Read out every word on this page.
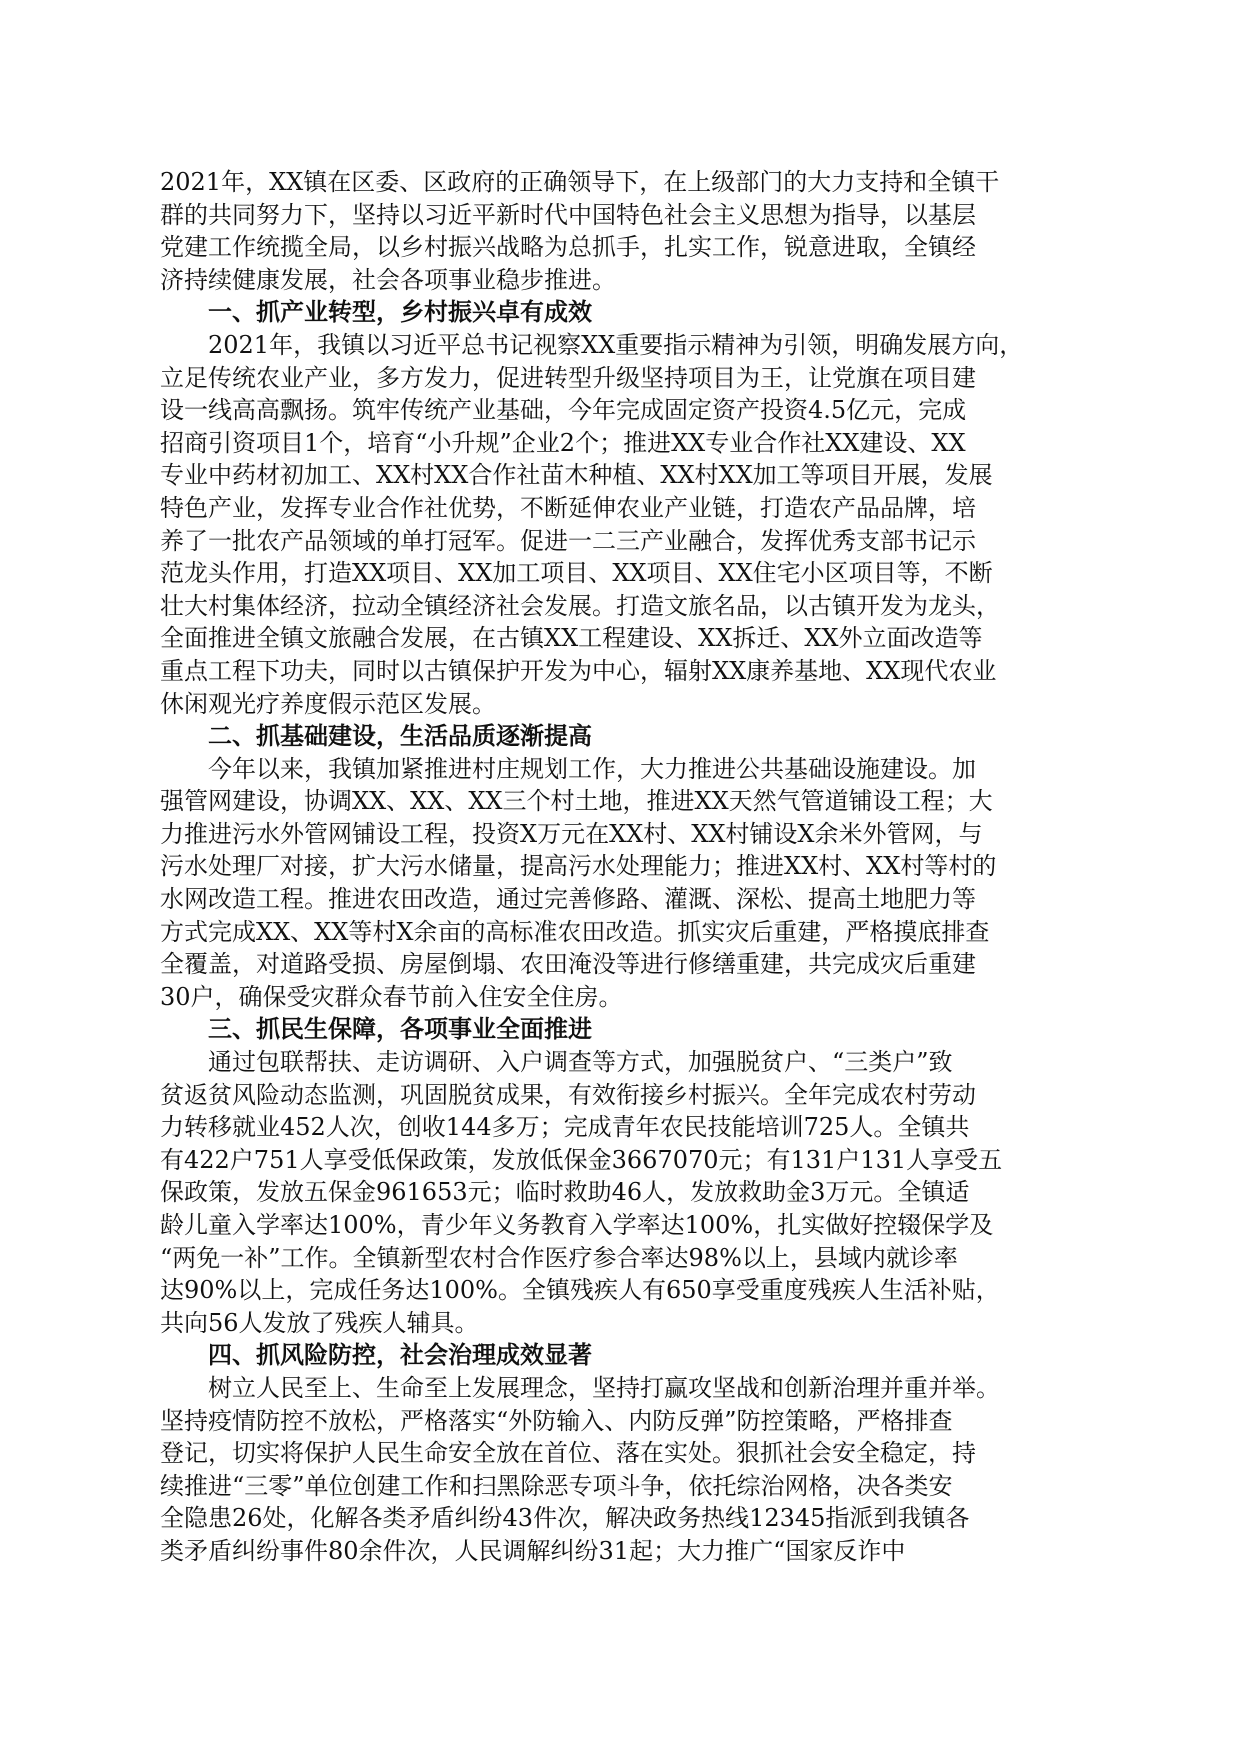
2021年，XX镇在区委、区政府的正确领导下，在上级部门的大力支持和全镇干
群的共同努力下，坚持以习近平新时代中国特色社会主义思想为指导，以基层
党建工作统揽全局，以乡村振兴战略为总抓手，扎实工作，锐意进取，全镇经
济持续健康发展，社会各项事业稳步推进。
一、抓产业转型，乡村振兴卓有成效
2021年，我镇以习近平总书记视察XX重要指示精神为引领，明确发展方向，
立足传统农业产业，多方发力，促进转型升级坚持项目为王，让党旗在项目建
设一线高高飘扬。筑牢传统产业基础，今年完成固定资产投资4.5亿元，完成
招商引资项目1个，培育“小升规”企业2个；推进XX专业合作社XX建设、XX
专业中药材初加工、XX村XX合作社苗木种植、XX村XX加工等项目开展，发展
特色产业，发挥专业合作社优势，不断延伸农业产业链，打造农产品品牌，培
养了一批农产品领域的单打冠军。促进一二三产业融合，发挥优秀支部书记示
范龙头作用，打造XX项目、XX加工项目、XX项目、XX住宅小区项目等，不断
壮大村集体经济，拉动全镇经济社会发展。打造文旅名品，以古镇开发为龙头，
全面推进全镇文旅融合发展，在古镇XX工程建设、XX拆迁、XX外立面改造等
重点工程下功夫，同时以古镇保护开发为中心，辐射XX康养基地、XX现代农业
休闲观光疗养度假示范区发展。
二、抓基础建设，生活品质逐渐提高
今年以来，我镇加紧推进村庄规划工作，大力推进公共基础设施建设。加
强管网建设，协调XX、XX、XX三个村土地，推进XX天然气管道铺设工程；大
力推进污水外管网铺设工程，投资X万元在XX村、XX村铺设X余米外管网，与
污水处理厂对接，扩大污水储量，提高污水处理能力；推进XX村、XX村等村的
水网改造工程。推进农田改造，通过完善修路、灌溉、深松、提高土地肥力等
方式完成XX、XX等村X余亩的高标准农田改造。抓实灾后重建，严格摸底排查
全覆盖，对道路受损、房屋倒塌、农田淹没等进行修缮重建，共完成灾后重建
30户，确保受灾群众春节前入住安全住房。
三、抓民生保障，各项事业全面推进
通过包联帮扶、走访调研、入户调查等方式，加强脱贫户、“三类户”致
贫返贫风险动态监测，巩固脱贫成果，有效衔接乡村振兴。全年完成农村劳动
力转移就业452人次，创收144多万；完成青年农民技能培训725人。全镇共
有422户751人享受低保政策，发放低保金3667070元；有131户131人享受五
保政策，发放五保金961653元；临时救助46人，发放救助金3万元。全镇适
龄儿童入学率达100%，青少年义务教育入学率达100%，扎实做好控辍保学及
“两免一补”工作。全镇新型农村合作医疗参合率达98%以上，县域内就诊率
达90%以上，完成任务达100%。全镇残疾人有650享受重度残疾人生活补贴，
共向56人发放了残疾人辅具。
四、抓风险防控，社会治理成效显著
树立人民至上、生命至上发展理念，坚持打赢攻坚战和创新治理并重并举。
坚持疫情防控不放松，严格落实“外防输入、内防反弹”防控策略，严格排查
登记，切实将保护人民生命安全放在首位、落在实处。狠抓社会安全稳定，持
续推进“三零”单位创建工作和扫黑除恶专项斗争，依托综治网格，决各类安
全隐患26处，化解各类矛盾纠纷43件次，解决政务热线12345指派到我镇各
类矛盾纠纷事件80余件次，人民调解纠纷31起；大力推广“国家反诈中
